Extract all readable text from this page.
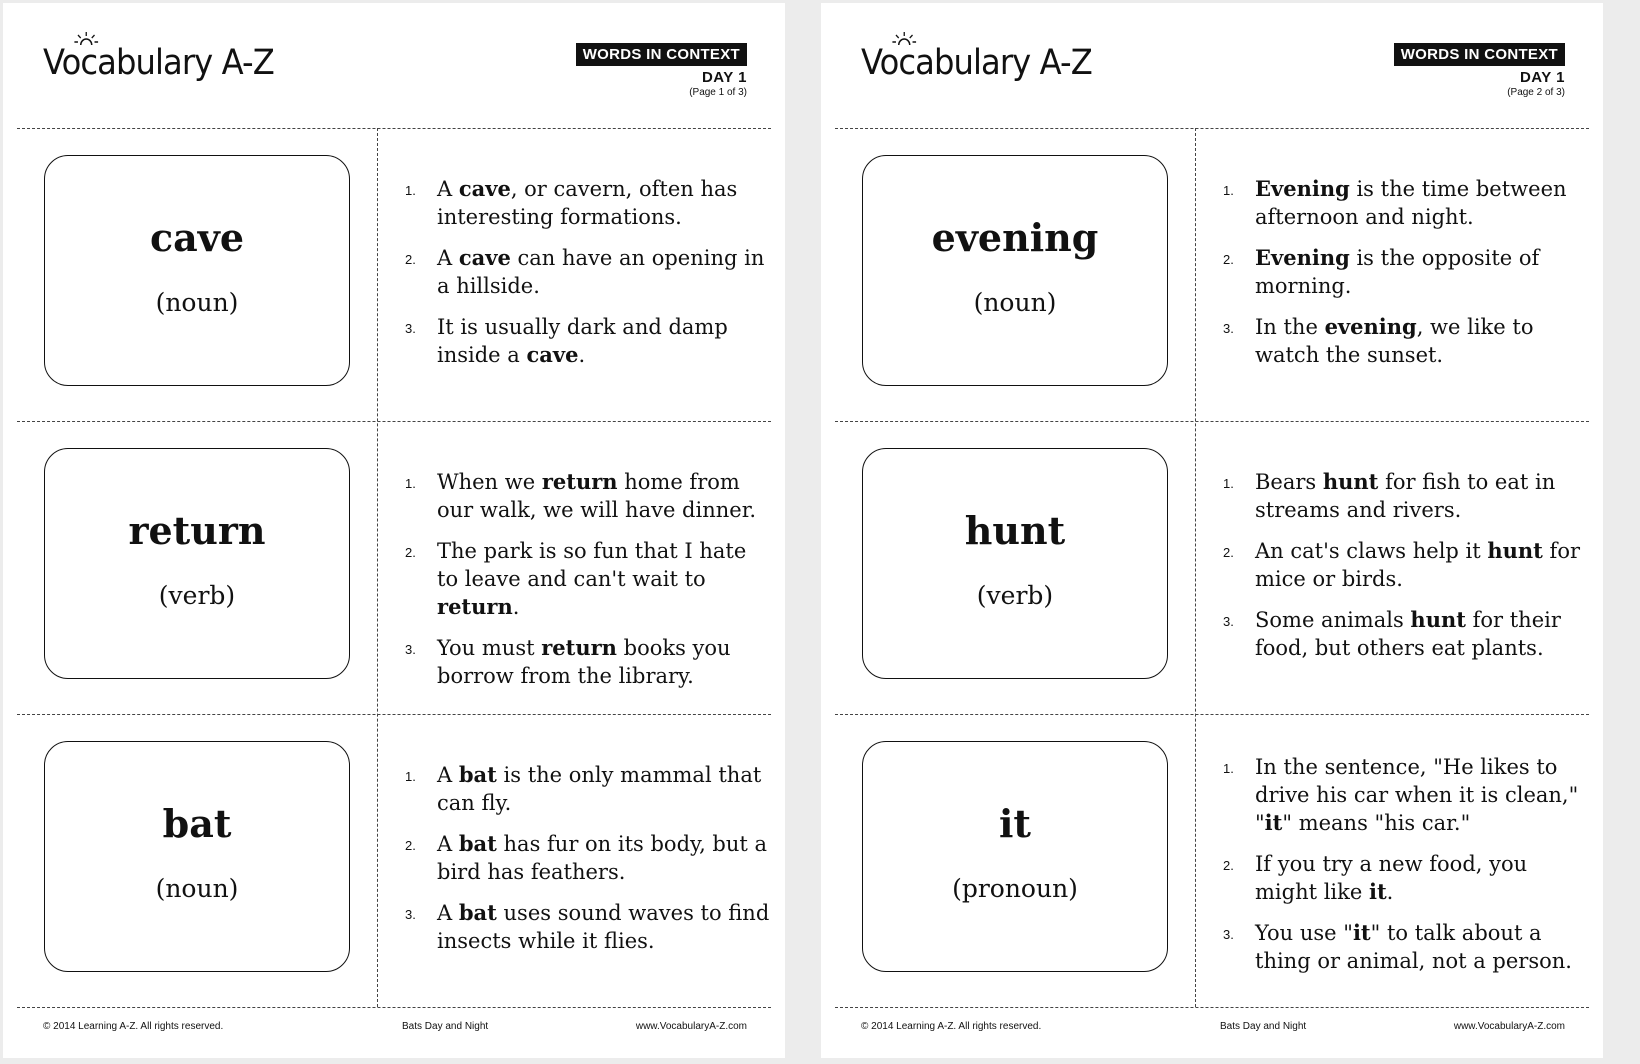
Vocabulary A-Z	WORDS IN CONTEXT
DAY 1
(Page 1 of 3)
cave
(noun)
1. A cave, or cavern, often has interesting formations.
2. A cave can have an opening in a hillside.
3. It is usually dark and damp inside a cave.
return
(verb)
1. When we return home from our walk, we will have dinner.
2. The park is so fun that I hate to leave and can't wait to return.
3. You must return books you borrow from the library.
bat
(noun)
1. A bat is the only mammal that can fly.
2. A bat has fur on its body, but a bird has feathers.
3. A bat uses sound waves to find insects while it flies.
© 2014 Learning A-Z. All rights reserved.	Bats Day and Night	www.VocabularyA-Z.com
Vocabulary A-Z	WORDS IN CONTEXT
DAY 1
(Page 2 of 3)
evening
(noun)
1. Evening is the time between afternoon and night.
2. Evening is the opposite of morning.
3. In the evening, we like to watch the sunset.
hunt
(verb)
1. Bears hunt for fish to eat in streams and rivers.
2. An cat's claws help it hunt for mice or birds.
3. Some animals hunt for their food, but others eat plants.
it
(pronoun)
1. In the sentence, "He likes to drive his car when it is clean," "it" means "his car."
2. If you try a new food, you might like it.
3. You use "it" to talk about a thing or animal, not a person.
© 2014 Learning A-Z. All rights reserved.	Bats Day and Night	www.VocabularyA-Z.com
